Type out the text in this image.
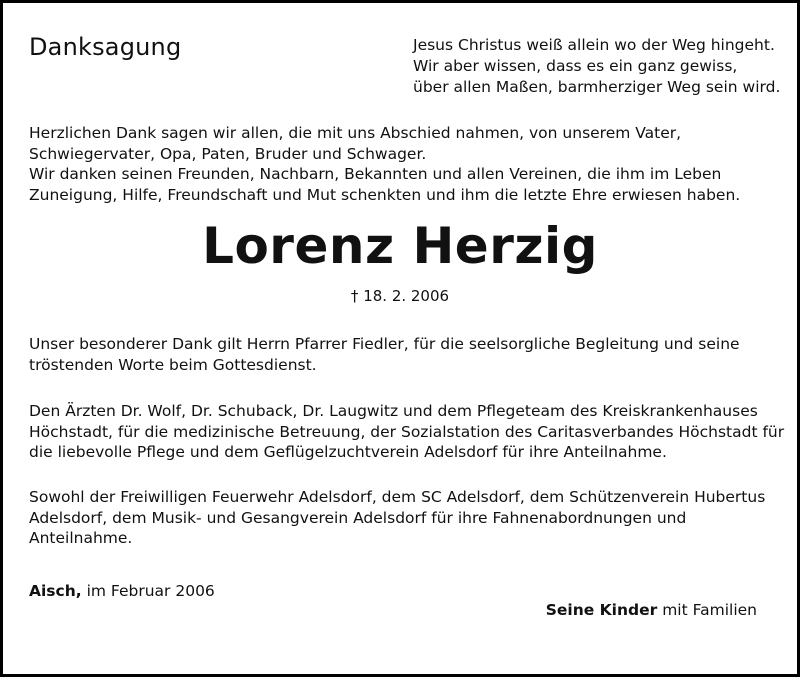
Danksagung	Jesus Christus weiß allein wo der Weg hingeht.
Wir aber wissen, dass es ein ganz gewiss,
über allen Maßen, barmherziger Weg sein wird.
Herzlichen Dank sagen wir allen, die mit uns Abschied nahmen, von unserem Vater,
Schwiegervater, Opa, Paten, Bruder und Schwager.
Wir danken seinen Freunden, Nachbarn, Bekannten und allen Vereinen, die ihm im Leben
Zuneigung, Hilfe, Freundschaft und Mut schenkten und ihm die letzte Ehre erwiesen haben.
Lorenz Herzig
† 18. 2. 2006
Unser besonderer Dank gilt Herrn Pfarrer Fiedler, für die seelsorgliche Begleitung und seine
tröstenden Worte beim Gottesdienst.
Den Ärzten Dr. Wolf, Dr. Schuback, Dr. Laugwitz und dem Pflegeteam des Kreiskrankenhauses
Höchstadt, für die medizinische Betreuung, der Sozialstation des Caritasverbandes Höchstadt für
die liebevolle Pflege und dem Geflügelzuchtverein Adelsdorf für ihre Anteilnahme.
Sowohl der Freiwilligen Feuerwehr Adelsdorf, dem SC Adelsdorf, dem Schützenverein Hubertus
Adelsdorf, dem Musik- und Gesangverein Adelsdorf für ihre Fahnenabordnungen und
Anteilnahme.
Aisch, im Februar 2006
Seine Kinder mit Familien
